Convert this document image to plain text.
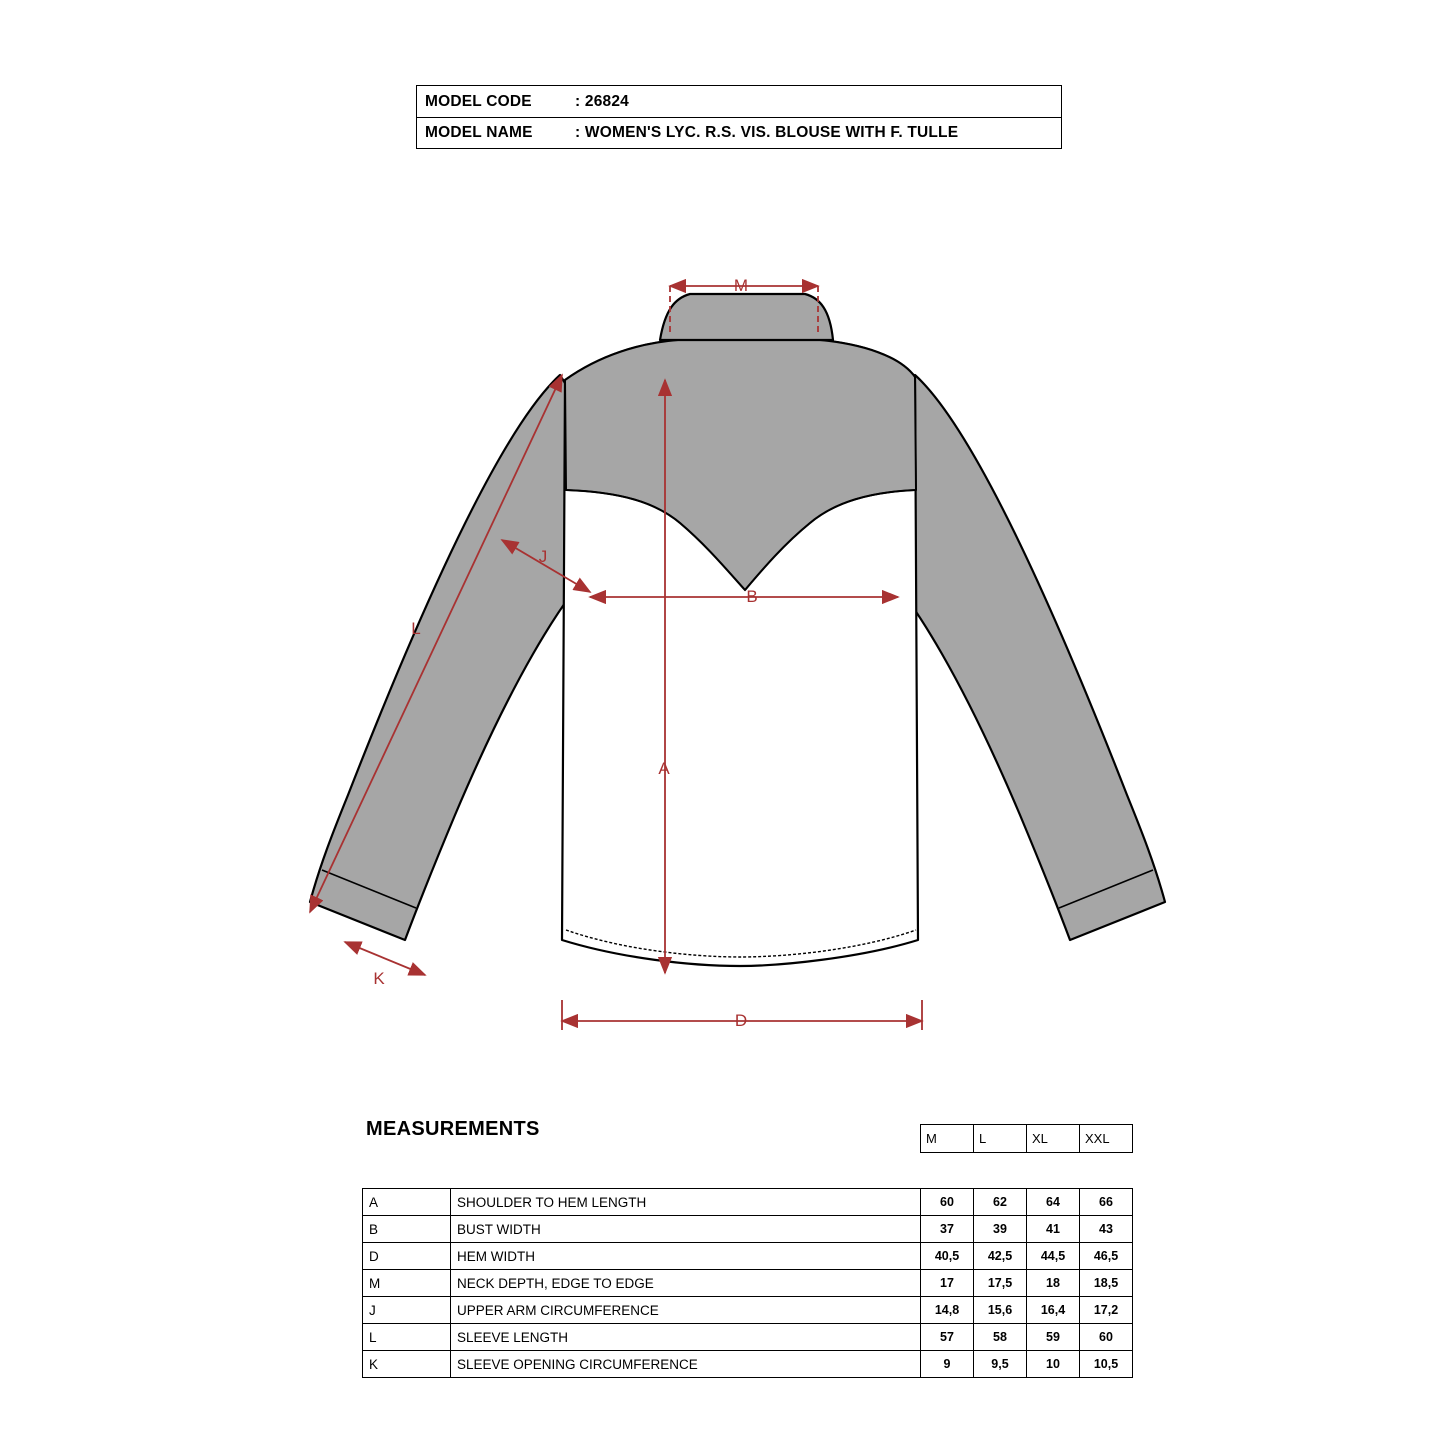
MODEL CODE	: 26824
MODEL NAME	: WOMEN'S LYC. R.S. VIS. BLOUSE WITH F. TULLE
M
A
B
D
J
L
K
MEASUREMENTS	M	L	XL	XXL
A	SHOULDER TO HEM LENGTH	60	62	64	66
B	BUST WIDTH	37	39	41	43
D	HEM WIDTH	40,5	42,5	44,5	46,5
M	NECK DEPTH, EDGE TO EDGE	17	17,5	18	18,5
J	UPPER ARM CIRCUMFERENCE	14,8	15,6	16,4	17,2
L	SLEEVE LENGTH	57	58	59	60
K	SLEEVE OPENING CIRCUMFERENCE	9	9,5	10	10,5
